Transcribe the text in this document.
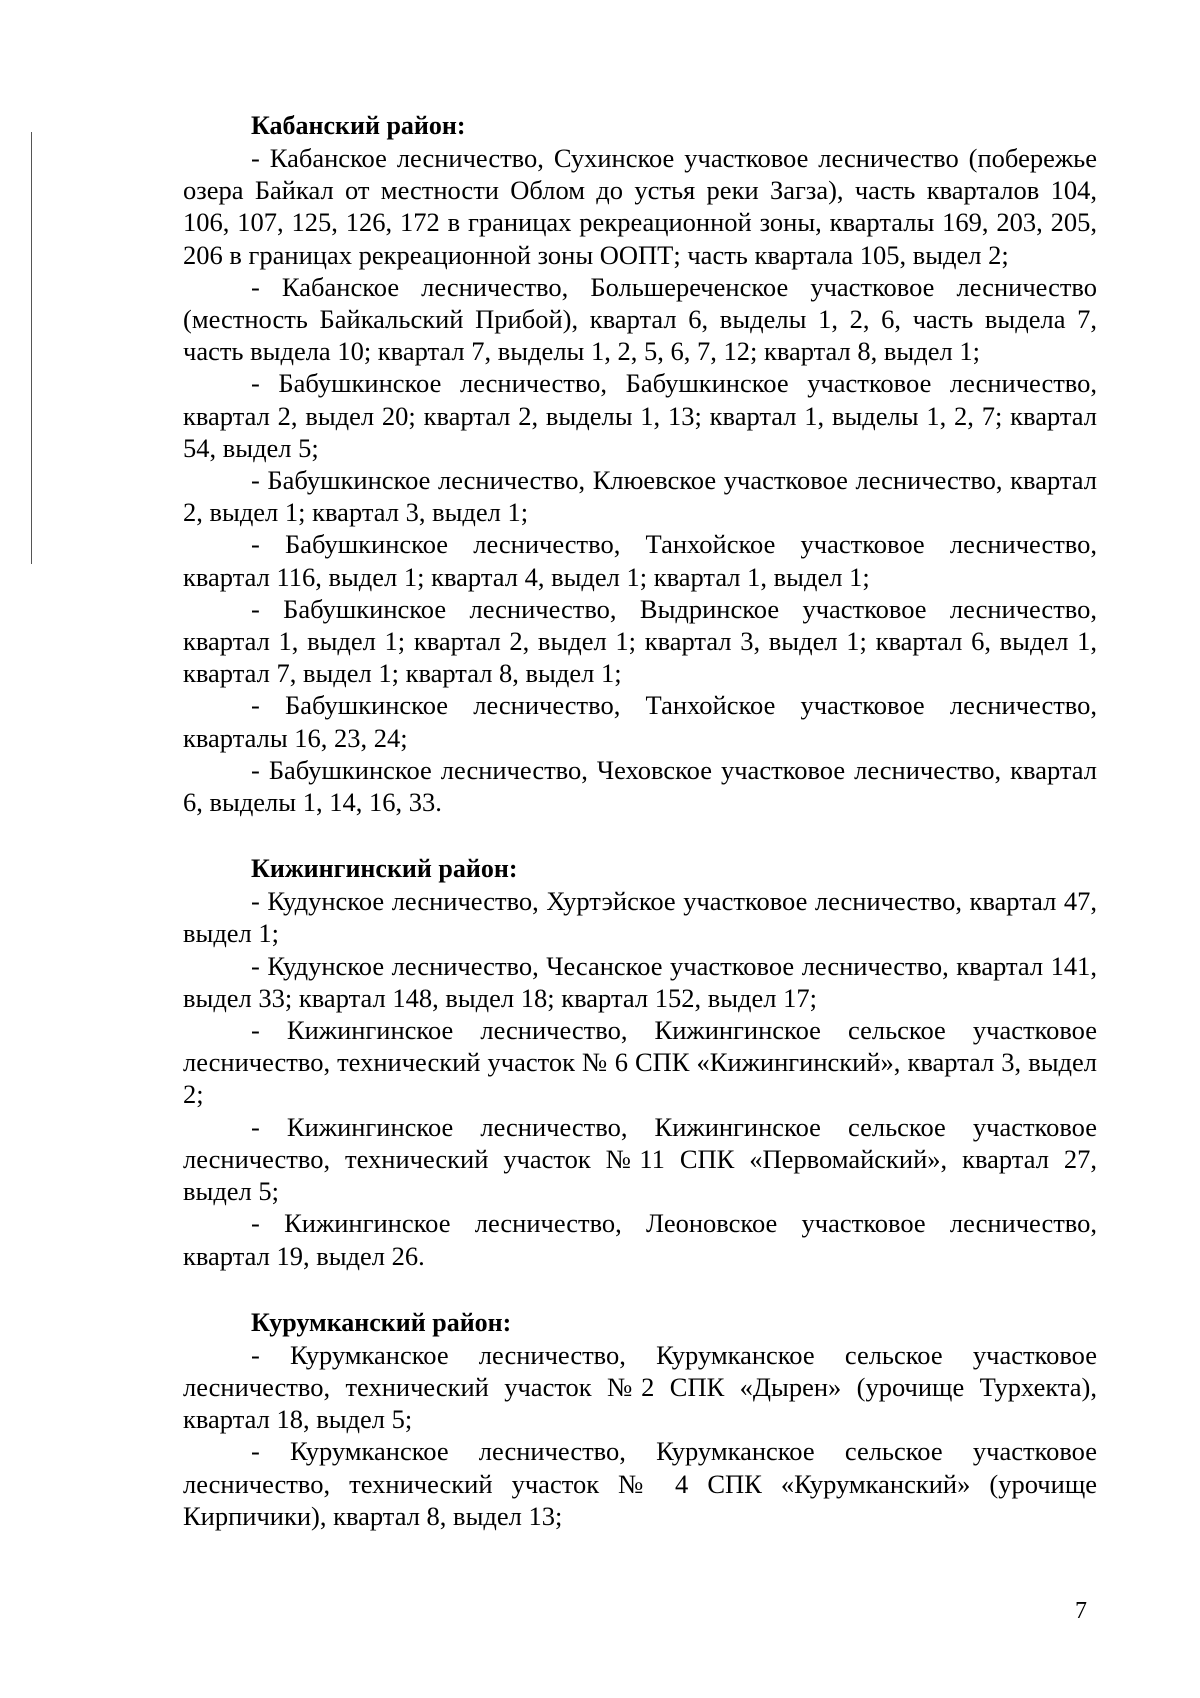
Кабанский район:

- Кабанское лесничество, Сухинское участковое лесничество (побережье озера Байкал от местности Облом до устья реки Загза), часть кварталов 104, 106, 107, 125, 126, 172 в границах рекреационной зоны, кварталы 169, 203, 205, 206 в границах рекреационной зоны ООПТ; часть квартала 105, выдел 2;

- Кабанское лесничество, Большереченское участковое лесничество (местность Байкальский Прибой), квартал 6, выделы 1, 2, 6, часть выдела 7, часть выдела 10; квартал 7, выделы 1, 2, 5, 6, 7, 12; квартал 8, выдел 1;

- Бабушкинское лесничество, Бабушкинское участковое лесничество, квартал 2, выдел 20; квартал 2, выделы 1, 13; квартал 1, выделы 1, 2, 7; квартал 54, выдел 5;

- Бабушкинское лесничество, Клюевское участковое лесничество, квартал 2, выдел 1; квартал 3, выдел 1;

- Бабушкинское лесничество, Танхойское участковое лесничество, квартал 116, выдел 1; квартал 4, выдел 1; квартал 1, выдел 1;

- Бабушкинское лесничество, Выдринское участковое лесничество, квартал 1, выдел 1; квартал 2, выдел 1; квартал 3, выдел 1; квартал 6, выдел 1, квартал 7, выдел 1; квартал 8, выдел 1;

- Бабушкинское лесничество, Танхойское участковое лесничество, кварталы 16, 23, 24;

- Бабушкинское лесничество, Чеховское участковое лесничество, квартал 6, выделы 1, 14, 16, 33.

Кижингинский район:

- Кудунское лесничество, Хуртэйское участковое лесничество, квартал 47, выдел 1;

- Кудунское лесничество, Чесанское участковое лесничество, квартал 141, выдел 33; квартал 148, выдел 18; квартал 152, выдел 17;

- Кижингинское лесничество, Кижингинское сельское участковое лесничество, технический участок № 6 СПК «Кижингинский», квартал 3, выдел 2;

- Кижингинское лесничество, Кижингинское сельское участковое лесничество, технический участок №11 СПК «Первомайский», квартал 27, выдел 5;

- Кижингинское лесничество, Леоновское участковое лесничество, квартал 19, выдел 26.

Курумканский район:

- Курумканское лесничество, Курумканское сельское участковое лесничество, технический участок №2 СПК «Дырен» (урочище Турхекта), квартал 18, выдел 5;

- Курумканское лесничество, Курумканское сельское участковое лесничество, технический участок № 4 СПК «Курумканский» (урочище Кирпичики), квартал 8, выдел 13;

7
